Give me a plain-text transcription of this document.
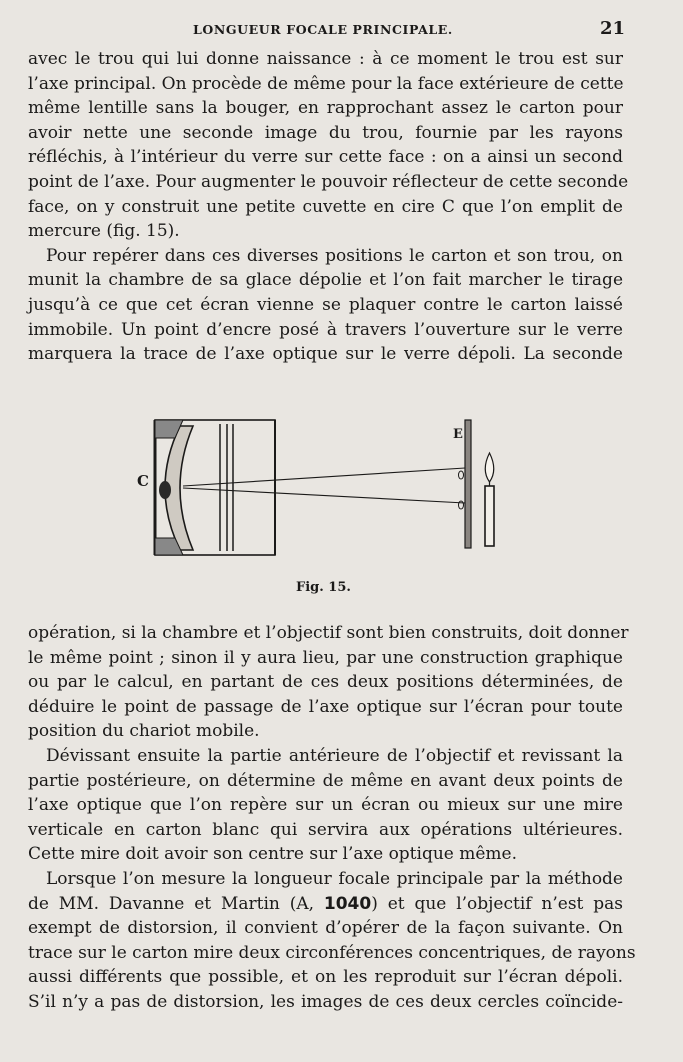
LONGUEUR FOCALE PRINCIPALE.	21
avec le trou qui lui donne naissance : à ce moment le trou est sur
l’axe principal. On procède de même pour la face extérieure de cette
même lentille sans la bouger, en rapprochant assez le carton pour
avoir nette une seconde image du trou, fournie par les rayons
réfléchis, à l’intérieur du verre sur cette face : on a ainsi un second
point de l’axe. Pour augmenter le pouvoir réflecteur de cette seconde
face, on y construit une petite cuvette en cire C que l’on emplit de
mercure (fig. 15).
Pour repérer dans ces diverses positions le carton et son trou, on
munit la chambre de sa glace dépolie et l’on fait marcher le tirage
jusqu’à ce que cet écran vienne se plaquer contre le carton laissé
immobile. Un point d’encre posé à travers l’ouverture sur le verre
marquera la trace de l’axe optique sur le verre dépoli. La seconde
C
E
Fig. 15.
opération, si la chambre et l’objectif sont bien construits, doit donner
le même point ; sinon il y aura lieu, par une construction graphique
ou par le calcul, en partant de ces deux positions déterminées, de
déduire le point de passage de l’axe optique sur l’écran pour toute
position du chariot mobile.
Dévissant ensuite la partie antérieure de l’objectif et revissant la
partie postérieure, on détermine de même en avant deux points de
l’axe optique que l’on repère sur un écran ou mieux sur une mire
verticale en carton blanc qui servira aux opérations ultérieures.
Cette mire doit avoir son centre sur l’axe optique même.
Lorsque l’on mesure la longueur focale principale par la méthode
de MM. Davanne et Martin (A, 1040) et que l’objectif n’est pas
exempt de distorsion, il convient d’opérer de la façon suivante. On
trace sur le carton mire deux circonférences concentriques, de rayons
aussi différents que possible, et on les reproduit sur l’écran dépoli.
S’il n’y a pas de distorsion, les images de ces deux cercles coïncide-
